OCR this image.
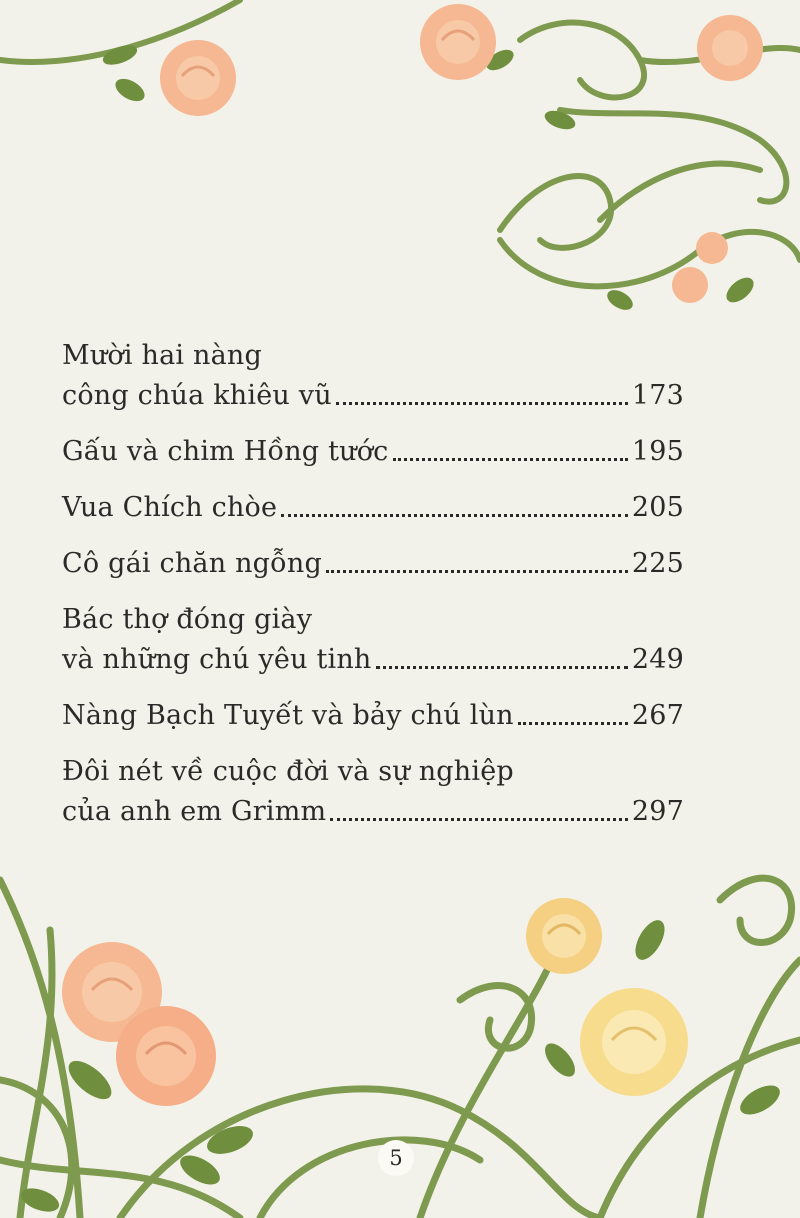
Mười hai nàng
công chúa khiêu vũ	173
Gấu và chim Hồng tước	195
Vua Chích chòe	205
Cô gái chăn ngỗng	225
Bác thợ đóng giày
và những chú yêu tinh	249
Nàng Bạch Tuyết và bảy chú lùn	267
Đôi nét về cuộc đời và sự nghiệp
của anh em Grimm	297
5
